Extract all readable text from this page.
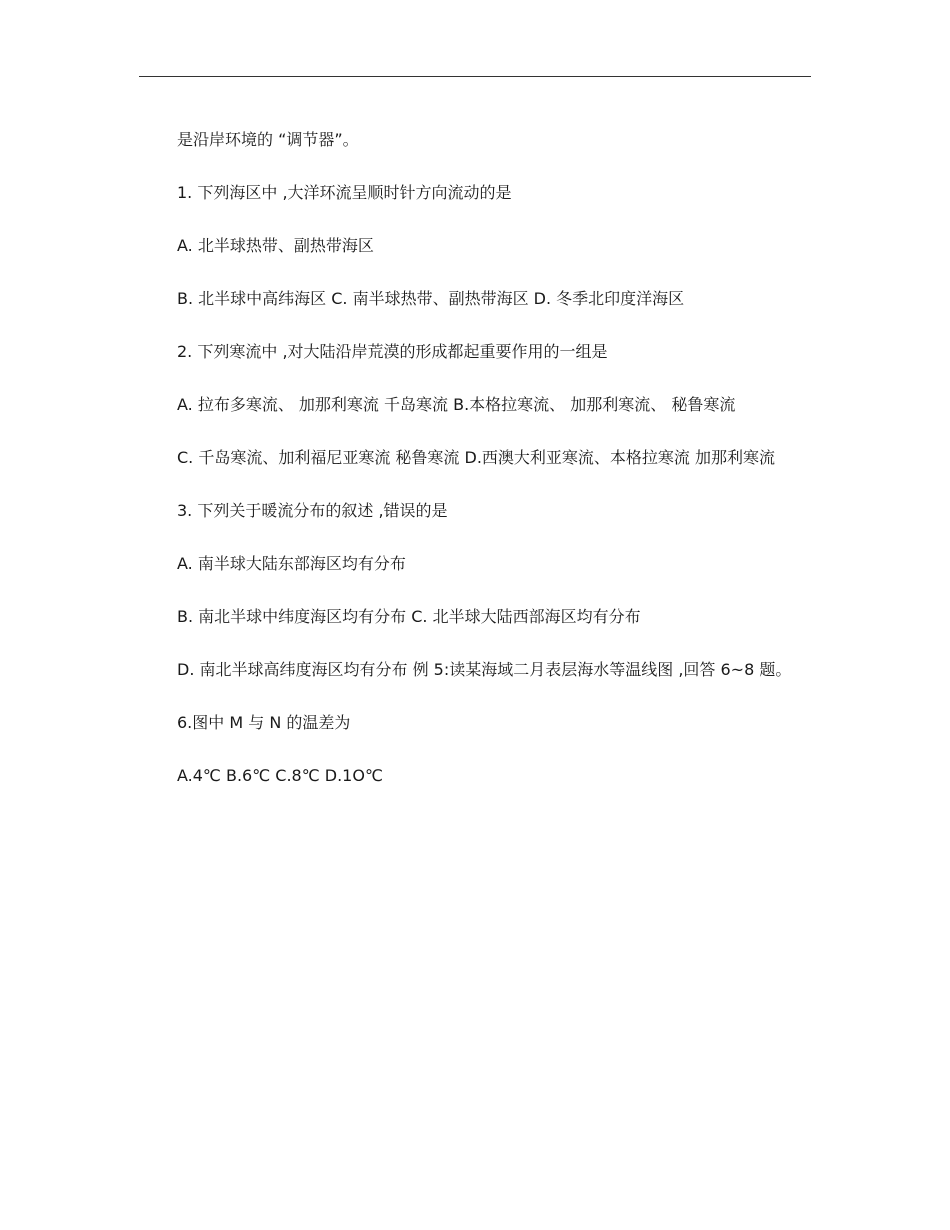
是沿岸环境的 “调节器”。

1. 下列海区中 ,大洋环流呈顺时针方向流动的是

A. 北半球热带、副热带海区

B. 北半球中高纬海区 C. 南半球热带、副热带海区 D. 冬季北印度洋海区

2. 下列寒流中 ,对大陆沿岸荒漠的形成都起重要作用的一组是

A. 拉布多寒流、 加那利寒流 千岛寒流 B.本格拉寒流、 加那利寒流、 秘鲁寒流

C. 千岛寒流、加利福尼亚寒流 秘鲁寒流 D.西澳大利亚寒流、本格拉寒流 加那利寒流

3. 下列关于暖流分布的叙述 ,错误的是

A. 南半球大陆东部海区均有分布

B. 南北半球中纬度海区均有分布 C. 北半球大陆西部海区均有分布

D. 南北半球高纬度海区均有分布 例 5:读某海域二月表层海水等温线图 ,回答 6~8 题。

6.图中 M 与 N 的温差为

A.4℃ B.6℃ C.8℃ D.1O℃
